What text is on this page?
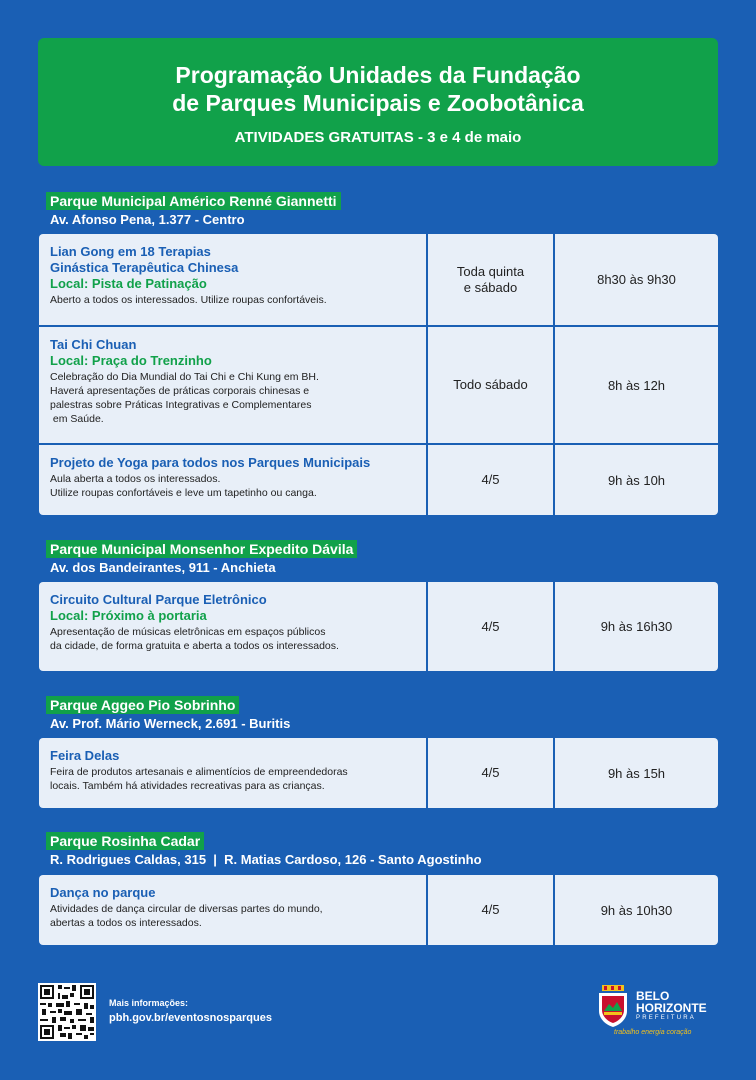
Programação Unidades da Fundação
de Parques Municipais e Zoobotânica
ATIVIDADES GRATUITAS - 3 e 4 de maio
Parque Municipal Américo Renné Giannetti
Av. Afonso Pena, 1.377 - Centro
Lian Gong em 18 Terapias
Ginástica Terapêutica Chinesa
Local: Pista de Patinação
Aberto a todos os interessados. Utilize roupas confortáveis.
Toda quinta
e sábado	8h30 às 9h30
Tai Chi Chuan
Local: Praça do Trenzinho
Celebração do Dia Mundial do Tai Chi e Chi Kung em BH.
Haverá apresentações de práticas corporais chinesas e
palestras sobre Práticas Integrativas e Complementares
em Saúde.
Todo sábado	8h às 12h
Projeto de Yoga para todos nos Parques Municipais
Aula aberta a todos os interessados.
Utilize roupas confortáveis e leve um tapetinho ou canga.
4/5	9h às 10h
Parque Municipal Monsenhor Expedito Dávila
Av. dos Bandeirantes, 911 - Anchieta
Circuito Cultural Parque Eletrônico
Local: Próximo à portaria
Apresentação de músicas eletrônicas em espaços públicos
da cidade, de forma gratuita e aberta a todos os interessados.
4/5	9h às 16h30
Parque Aggeo Pio Sobrinho
Av. Prof. Mário Werneck, 2.691 - Buritis
Feira Delas
Feira de produtos artesanais e alimentícios de empreendedoras
locais. Também há atividades recreativas para as crianças.
4/5	9h às 15h
Parque Rosinha Cadar
R. Rodrigues Caldas, 315  |  R. Matias Cardoso, 126 - Santo Agostinho
Dança no parque
Atividades de dança circular de diversas partes do mundo,
abertas a todos os interessados.
4/5	9h às 10h30
Mais informações:
pbh.gov.br/eventosnosparques
BELO
HORIZONTE
PREFEITURA
trabalho energia coração
